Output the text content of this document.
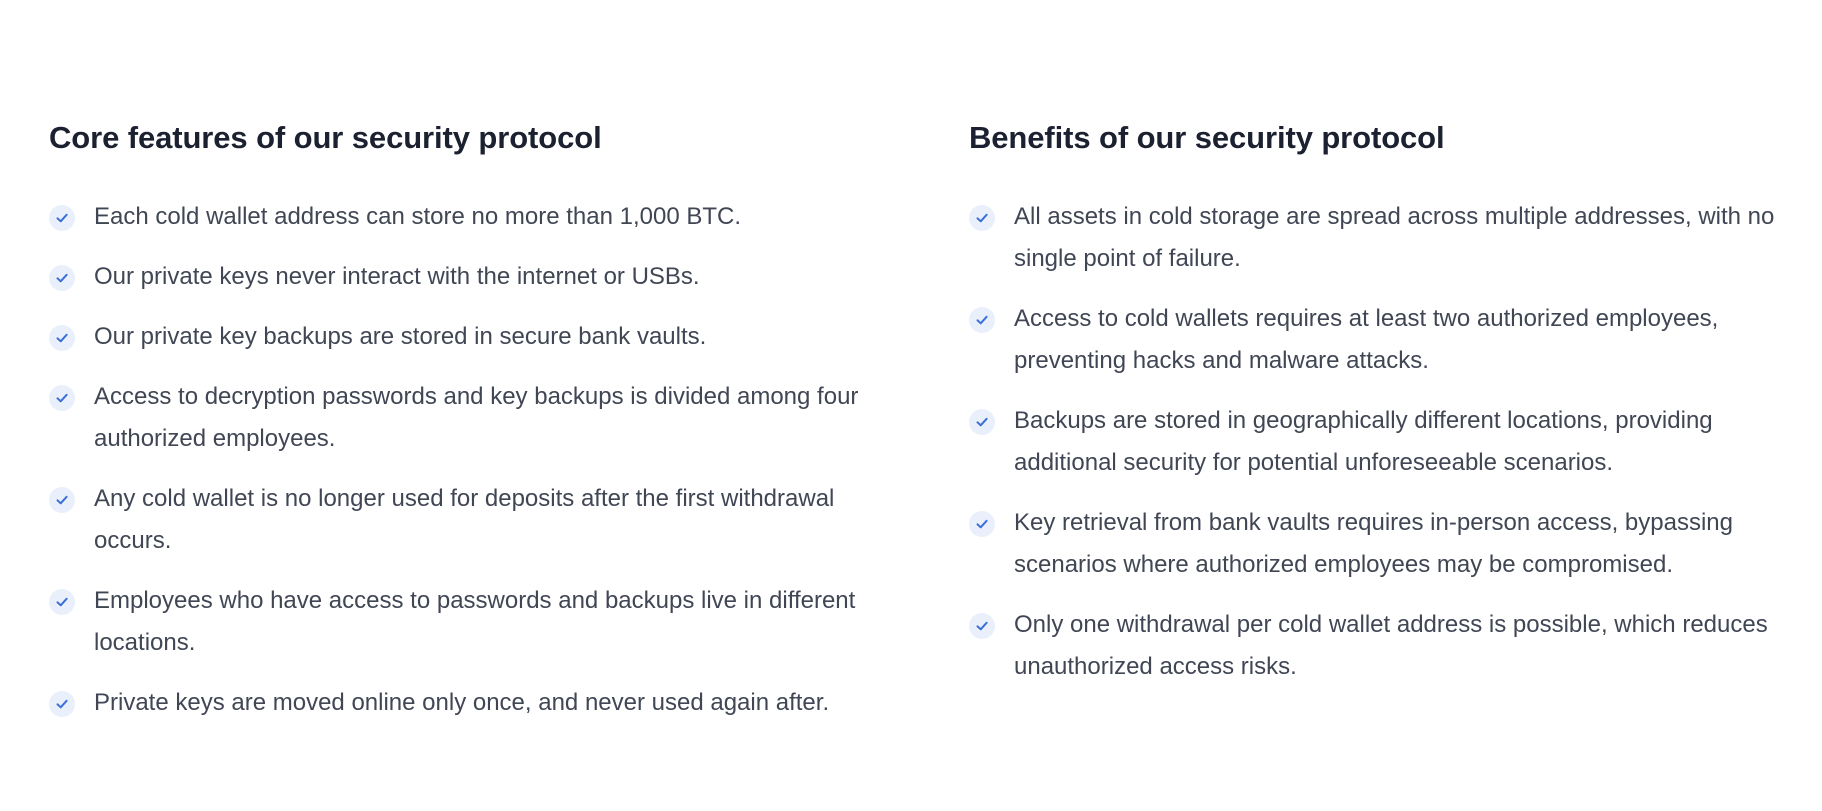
Core features of our security protocol
Each cold wallet address can store no more than 1,000 BTC.
Our private keys never interact with the internet or USBs.
Our private key backups are stored in secure bank vaults.
Access to decryption passwords and key backups is divided among four authorized employees.
Any cold wallet is no longer used for deposits after the first withdrawal occurs.
Employees who have access to passwords and backups live in different locations.
Private keys are moved online only once, and never used again after.
Benefits of our security protocol
All assets in cold storage are spread across multiple addresses, with no single point of failure.
Access to cold wallets requires at least two authorized employees, preventing hacks and malware attacks.
Backups are stored in geographically different locations, providing additional security for potential unforeseeable scenarios.
Key retrieval from bank vaults requires in-person access, bypassing scenarios where authorized employees may be compromised.
Only one withdrawal per cold wallet address is possible, which reduces unauthorized access risks.
